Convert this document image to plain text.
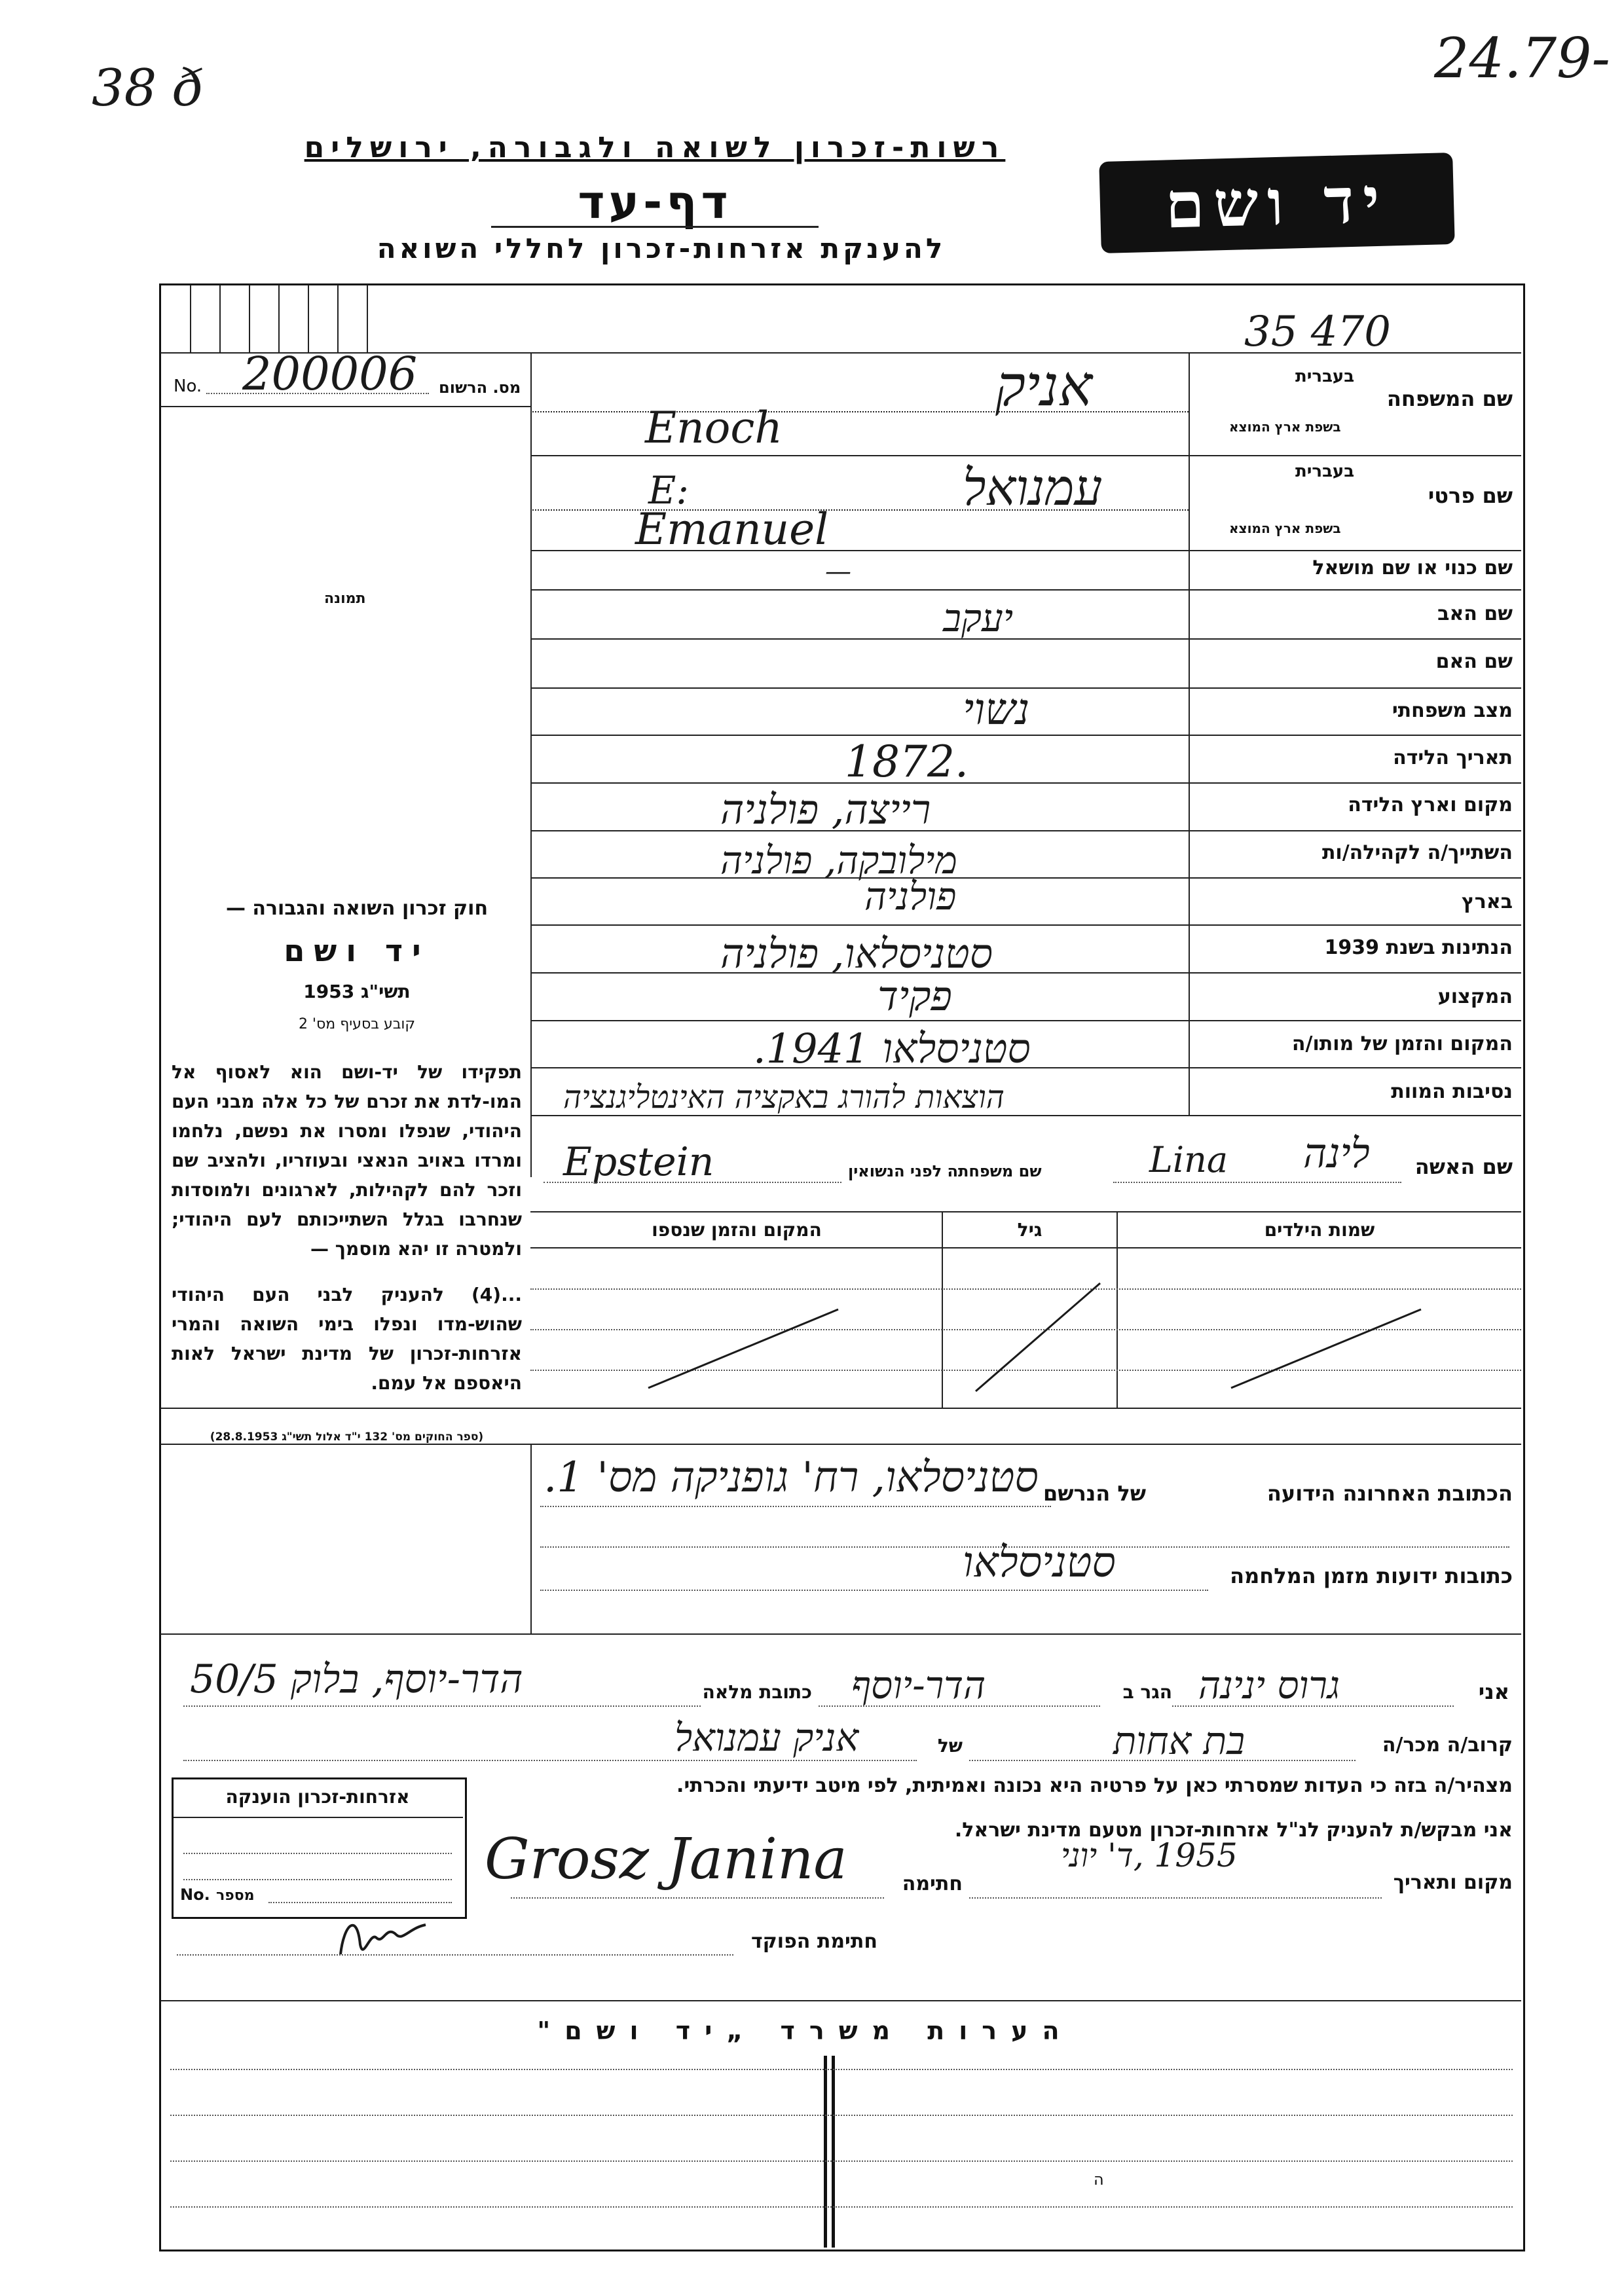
38 ð	24.79-
רשות-זכרון לשואה ולגבורה, ירושלים
דף-עד
להענקת אזרחות-זכרון לחללי השואה
יד ושם
35 470
No. 200006 מס. הרשום
תמונה
חוק זכרון השואה והגבורה —
יד ושם
תשי"ג 1953
קובע בסעיף מס' 2
תפקידו של יד-ושם הוא לאסוף אל המו-לדת את זכרם של כל אלה מבני העם היהודי, שנפלו ומסרו את נפשם, נלחמו ומרדו באויב הנאצי ובעוזריו, ולהציב שם וזכר להם לקהילות, לארגונים ולמוסדות שנחרבו בגלל השתייכותם לעם היהודי; ולמטרה זו יהא מוסמך —
...(4) להעניק לבני העם היהודי שהוש-מדו ונפלו בימי השואה והמרי אזרחות-זכרון של מדינת ישראל לאות היאספם אל עמם.
(ספר החוקים מס' 132 י"ד אלול תשי"ג 28.8.1953)
שם המשפחה
בעברית
בשפת ארץ המוצא
אניק
Enoch
שם פרטי
בעברית
בשפת ארץ המוצא
E:	עמנואל
Emanuel
שם כנוי או שם מושאל
—
שם האב
יעקב
שם האם
מצב משפחתי
נשוי
תאריך הלידה
1872.
מקום וארץ הלידה
רייצה, פולניה
השתייך/ה לקהילה/ות
מילובקה, פולניה
בארץ
פולניה
הנתינות בשנת 1939
סטניסלאו, פולניה
המקצוע
פקיד
המקום והזמן של מותו/ה
סטניסלאו 1941.
נסיבות המוות
הוצאות להורג באקציה האינטליגנציה
שם האשה
לינה
Lina
שם משפחתה לפני הנשואין
Epstein
שמות הילדים
גיל
המקום והזמן שנספו
הכתובת האחרונה הידועה
של הנרשם
סטניסלאו, רח' גופניקה מס' 1.
כתובות ידועות מזמן המלחמה
סטניסלאו
אני
גרוס ינינה
הגר ב
הדר-יוסף
כתובת מלאה
הדר-יוסף, בלוק 50/5
קרוב/ה מכר/ה
בת אחות
של
אניק עמנואל
מצהיר/ה בזה כי העדות שמסרתי כאן על פרטיה היא נכונה ואמיתית, לפי מיטב ידיעתי והכרתי.
אני מבקש/ת להעניק לנ"ל אזרחות-זכרון מטעם מדינת ישראל.
מקום ותאריך
1955 ,ד' יוני
חתימה
Grosz Janina
חתימת הפוקד
אזרחות-זכרון הוענקה
No. מספר
הערות משרד „יד ושם"
ה
